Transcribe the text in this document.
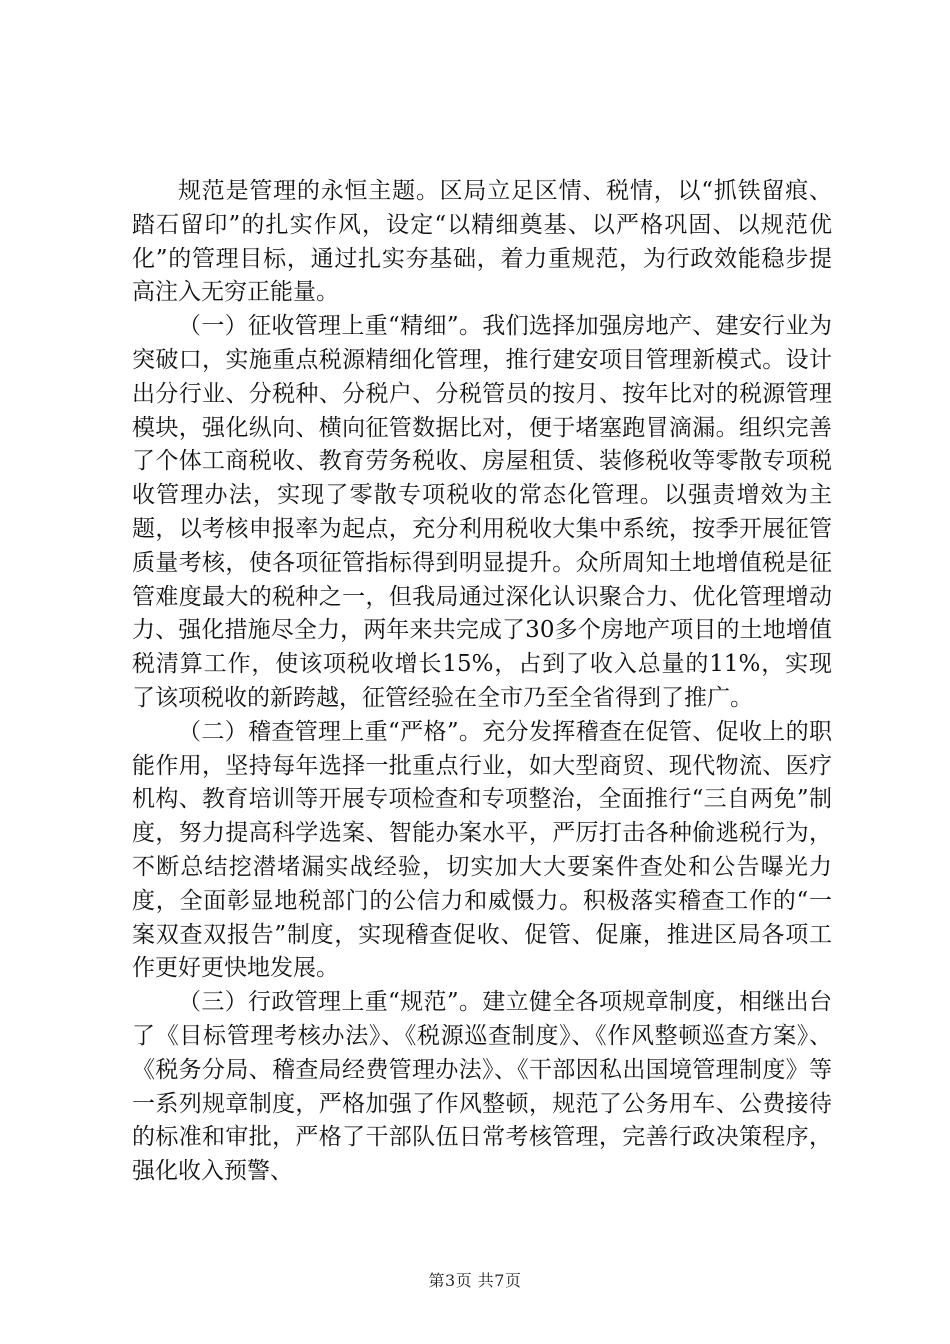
规范是管理的永恒主题。区局立足区情、税情，以“抓铁留痕、踏石留印”的扎实作风，设定“以精细奠基、以严格巩固、以规范优化”的管理目标，通过扎实夯基础，着力重规范，为行政效能稳步提高注入无穷正能量。

（一）征收管理上重“精细”。我们选择加强房地产、建安行业为突破口，实施重点税源精细化管理，推行建安项目管理新模式。设计出分行业、分税种、分税户、分税管员的按月、按年比对的税源管理模块，强化纵向、横向征管数据比对，便于堵塞跑冒滴漏。组织完善了个体工商税收、教育劳务税收、房屋租赁、装修税收等零散专项税收管理办法，实现了零散专项税收的常态化管理。以强责增效为主题，以考核申报率为起点，充分利用税收大集中系统，按季开展征管质量考核，使各项征管指标得到明显提升。众所周知土地增值税是征管难度最大的税种之一，但我局通过深化认识聚合力、优化管理增动力、强化措施尽全力，两年来共完成了30多个房地产项目的土地增值税清算工作，使该项税收增长15%，占到了收入总量的11%，实现了该项税收的新跨越，征管经验在全市乃至全省得到了推广。

（二）稽查管理上重“严格”。充分发挥稽查在促管、促收上的职能作用，坚持每年选择一批重点行业，如大型商贸、现代物流、医疗机构、教育培训等开展专项检查和专项整治，全面推行“三自两免”制度，努力提高科学选案、智能办案水平，严厉打击各种偷逃税行为，不断总结挖潜堵漏实战经验，切实加大大要案件查处和公告曝光力度，全面彰显地税部门的公信力和威慑力。积极落实稽查工作的“一案双查双报告”制度，实现稽查促收、促管、促廉，推进区局各项工作更好更快地发展。

（三）行政管理上重“规范”。建立健全各项规章制度，相继出台了《目标管理考核办法》、《税源巡查制度》、《作风整顿巡查方案》、《税务分局、稽查局经费管理办法》、《干部因私出国境管理制度》等一系列规章制度，严格加强了作风整顿，规范了公务用车、公费接待的标准和审批，严格了干部队伍日常考核管理，完善行政决策程序，强化收入预警、

第3页 共7页
